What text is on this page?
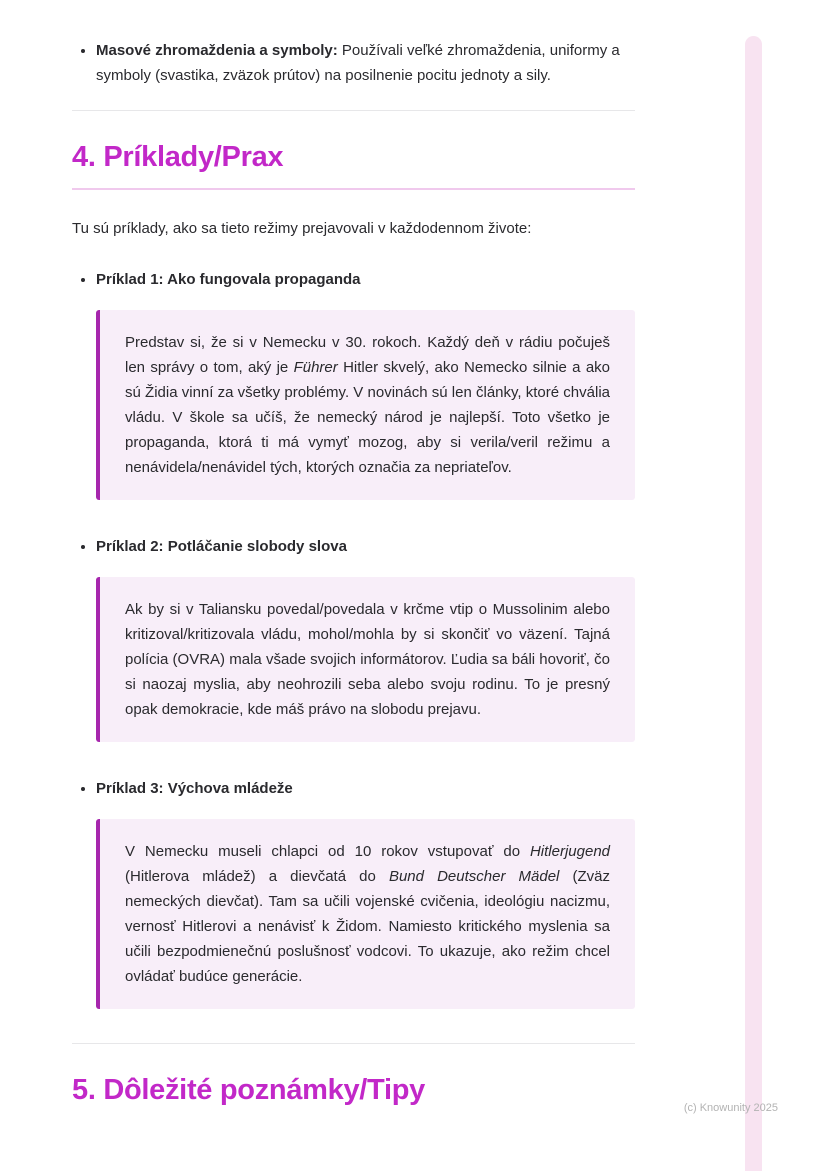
• Masové zhromaždenia a symboly: Používali veľké zhromaždenia, uniformy a symboly (svastika, zväzok prútov) na posilnenie pocitu jednoty a sily.
4. Príklady/Prax

Tu sú príklady, ako sa tieto režimy prejavovali v každodennom živote:

• Príklad 1: Ako fungovala propaganda

Predstav si, že si v Nemecku v 30. rokoch. Každý deň v rádiu počuješ len správy o tom, aký je Führer Hitler skvelý, ako Nemecko silnie a ako sú Židia vinní za všetky problémy. V novinách sú len články, ktoré chvália vládu. V škole sa učíš, že nemecký národ je najlepší. Toto všetko je propaganda, ktorá ti má vymyť mozog, aby si verila/veril režimu a nenávidela/nenávidel tých, ktorých označia za nepriateľov.

• Príklad 2: Potláčanie slobody slova

Ak by si v Taliansku povedal/povedala v krčme vtip o Mussolinim alebo kritizoval/kritizovala vládu, mohol/mohla by si skončiť vo väzení. Tajná polícia (OVRA) mala všade svojich informátorov. Ľudia sa báli hovoriť, čo si naozaj myslia, aby neohrozili seba alebo svoju rodinu. To je presný opak demokracie, kde máš právo na slobodu prejavu.

• Príklad 3: Výchova mládeže

V Nemecku museli chlapci od 10 rokov vstupovať do Hitlerjugend (Hitlerova mládež) a dievčatá do Bund Deutscher Mädel (Zväz nemeckých dievčat). Tam sa učili vojenské cvičenia, ideológiu nacizmu, vernosť Hitlerovi a nenávisť k Židom. Namiesto kritického myslenia sa učili bezpodmienečnú poslušnosť vodcovi. To ukazuje, ako režim chcel ovládať budúce generácie.

5. Dôležité poznámky/Tipy
(c) Knowunity 2025
